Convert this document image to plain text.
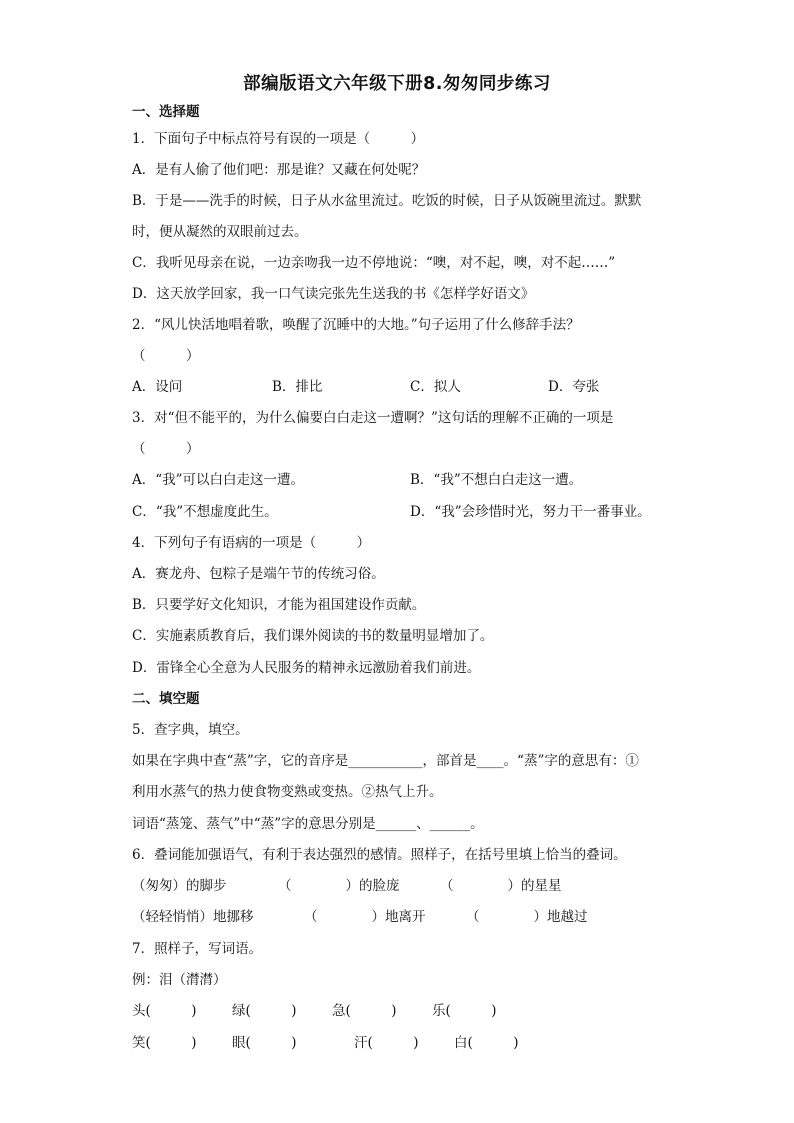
部编版语文六年级下册8.匆匆同步练习
一、选择题
1．下面句子中标点符号有误的一项是（　　　）
A．是有人偷了他们吧：那是谁？又藏在何处呢？
B．于是——洗手的时候，日子从水盆里流过。吃饭的时候，日子从饭碗里流过。默默
时，便从凝然的双眼前过去。
C．我听见母亲在说，一边亲吻我一边不停地说：“噢，对不起，噢，对不起……”
D．这天放学回家，我一口气读完张先生送我的书《怎样学好语文》
2．“风儿快活地唱着歌，唤醒了沉睡中的大地。”句子运用了什么修辞手法？
（　　　）
A．设问	B．排比	C．拟人	D．夸张
3．对“但不能平的，为什么偏要白白走这一遭啊？”这句话的理解不正确的一项是
（　　　）
A．“我”可以白白走这一遭。	B．“我”不想白白走这一遭。
C．“我”不想虚度此生。	D．“我”会珍惜时光，努力干一番事业。
4．下列句子有语病的一项是（　　　）
A．赛龙舟、包粽子是端午节的传统习俗。
B．只要学好文化知识，才能为祖国建设作贡献。
C．实施素质教育后，我们课外阅读的书的数量明显增加了。
D．雷锋全心全意为人民服务的精神永远激励着我们前进。
二、填空题
5．查字典，填空。
如果在字典中查“蒸”字，它的音序是___________，部首是____。“蒸”字的意思有：①
利用水蒸气的热力使食物变熟或变热。②热气上升。
词语“蒸笼、蒸气”中“蒸”字的意思分别是______、______。
6．叠词能加强语气，有利于表达强烈的感情。照样子，在括号里填上恰当的叠词。
（匆匆）的脚步	（　　　　）的脸庞	（　　　　）的星星
（轻轻悄悄）地挪移	（　　　　）地离开	（　　　　）地越过
7．照样子，写词语。
例：泪（潸潸）
头(　　　)	绿(　　　)	急(　　　)	乐(　　　)
笑(　　　)	眼(　　　)	汗(　　　)	白(　　　)
